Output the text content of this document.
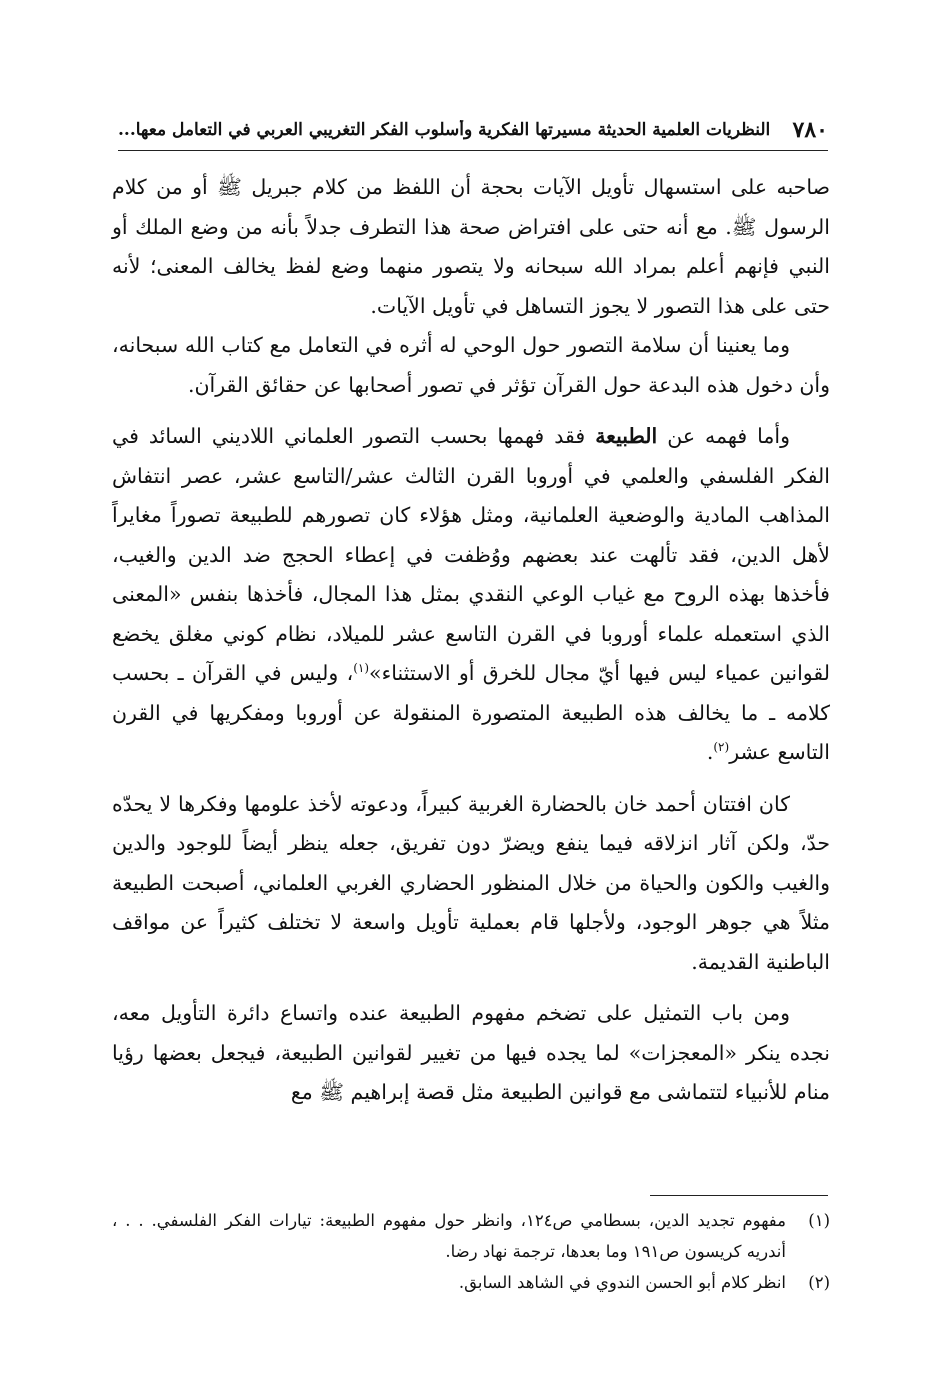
٧٨٠
النظريات العلمية الحديثة مسيرتها الفكرية وأسلوب الفكر التغريبي العربي في التعامل معها...

صاحبه على استسهال تأويل الآيات بحجة أن اللفظ من كلام جبريل ﷺ أو من كلام الرسول ﷺ. مع أنه حتى على افتراض صحة هذا التطرف جدلاً بأنه من وضع الملك أو النبي فإنهم أعلم بمراد الله سبحانه ولا يتصور منهما وضع لفظ يخالف المعنى؛ لأنه حتى على هذا التصور لا يجوز التساهل في تأويل الآيات.

وما يعنينا أن سلامة التصور حول الوحي له أثره في التعامل مع كتاب الله سبحانه، وأن دخول هذه البدعة حول القرآن تؤثر في تصور أصحابها عن حقائق القرآن.

وأما فهمه عن الطبيعة فقد فهمها بحسب التصور العلماني اللاديني السائد في الفكر الفلسفي والعلمي في أوروبا القرن الثالث عشر/التاسع عشر، عصر انتفاش المذاهب المادية والوضعية العلمانية، ومثل هؤلاء كان تصورهم للطبيعة تصوراً مغايراً لأهل الدين، فقد تألهت عند بعضهم ووُظفت في إعطاء الحجج ضد الدين والغيب، فأخذها بهذه الروح مع غياب الوعي النقدي بمثل هذا المجال، فأخذها بنفس «المعنى الذي استعمله علماء أوروبا في القرن التاسع عشر للميلاد، نظام كوني مغلق يخضع لقوانين عمياء ليس فيها أيّ مجال للخرق أو الاستثناء»$^{(١)}$، وليس في القرآن ـ بحسب كلامه ـ ما يخالف هذه الطبيعة المتصورة المنقولة عن أوروبا ومفكريها في القرن التاسع عشر$^{(٢)}$.

كان افتتان أحمد خان بالحضارة الغربية كبيراً، ودعوته لأخذ علومها وفكرها لا يحدّه حدّ، ولكن آثار انزلاقه فيما ينفع ويضرّ دون تفريق، جعله ينظر أيضاً للوجود والدين والغيب والكون والحياة من خلال المنظور الحضاري الغربي العلماني، أصبحت الطبيعة مثلاً هي جوهر الوجود، ولأجلها قام بعملية تأويل واسعة لا تختلف كثيراً عن مواقف الباطنية القديمة.

ومن باب التمثيل على تضخم مفهوم الطبيعة عنده واتساع دائرة التأويل معه، نجده ينكر «المعجزات» لما يجده فيها من تغيير لقوانين الطبيعة، فيجعل بعضها رؤيا منام للأنبياء لتتماشى مع قوانين الطبيعة مثل قصة إبراهيم ﷺ مع

(١)
مفهوم تجديد الدين، بسطامي ص١٢٤، وانظر حول مفهوم الطبيعة: تيارات الفكر الفلسفي. . . ، أندريه كريسون ص١٩١ وما بعدها، ترجمة نهاد رضا.
(٢)
انظر كلام أبو الحسن الندوي في الشاهد السابق.
